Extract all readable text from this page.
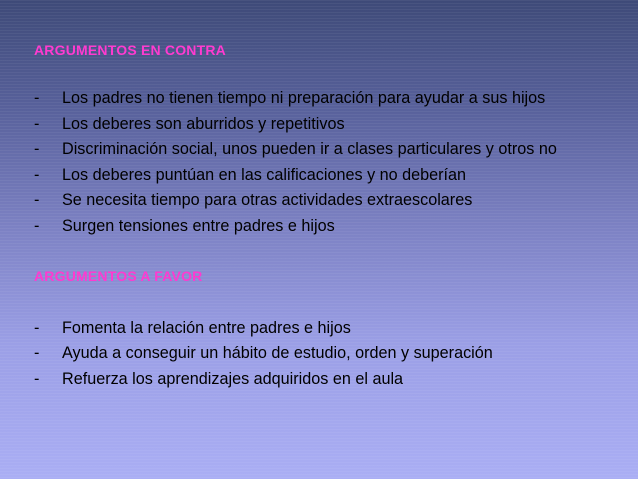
ARGUMENTOS EN CONTRA
-	Los padres no tienen tiempo ni preparación para ayudar a sus hijos
-	Los deberes son aburridos y repetitivos
-	Discriminación social, unos pueden ir a clases particulares y otros no
-	Los deberes puntúan en las calificaciones y no deberían
-	Se necesita tiempo para otras actividades extraescolares
-	Surgen tensiones entre padres e hijos
ARGUMENTOS A FAVOR
-	Fomenta la relación entre padres e hijos
-	Ayuda a conseguir un hábito de estudio, orden y superación
-	Refuerza los aprendizajes adquiridos en el aula
